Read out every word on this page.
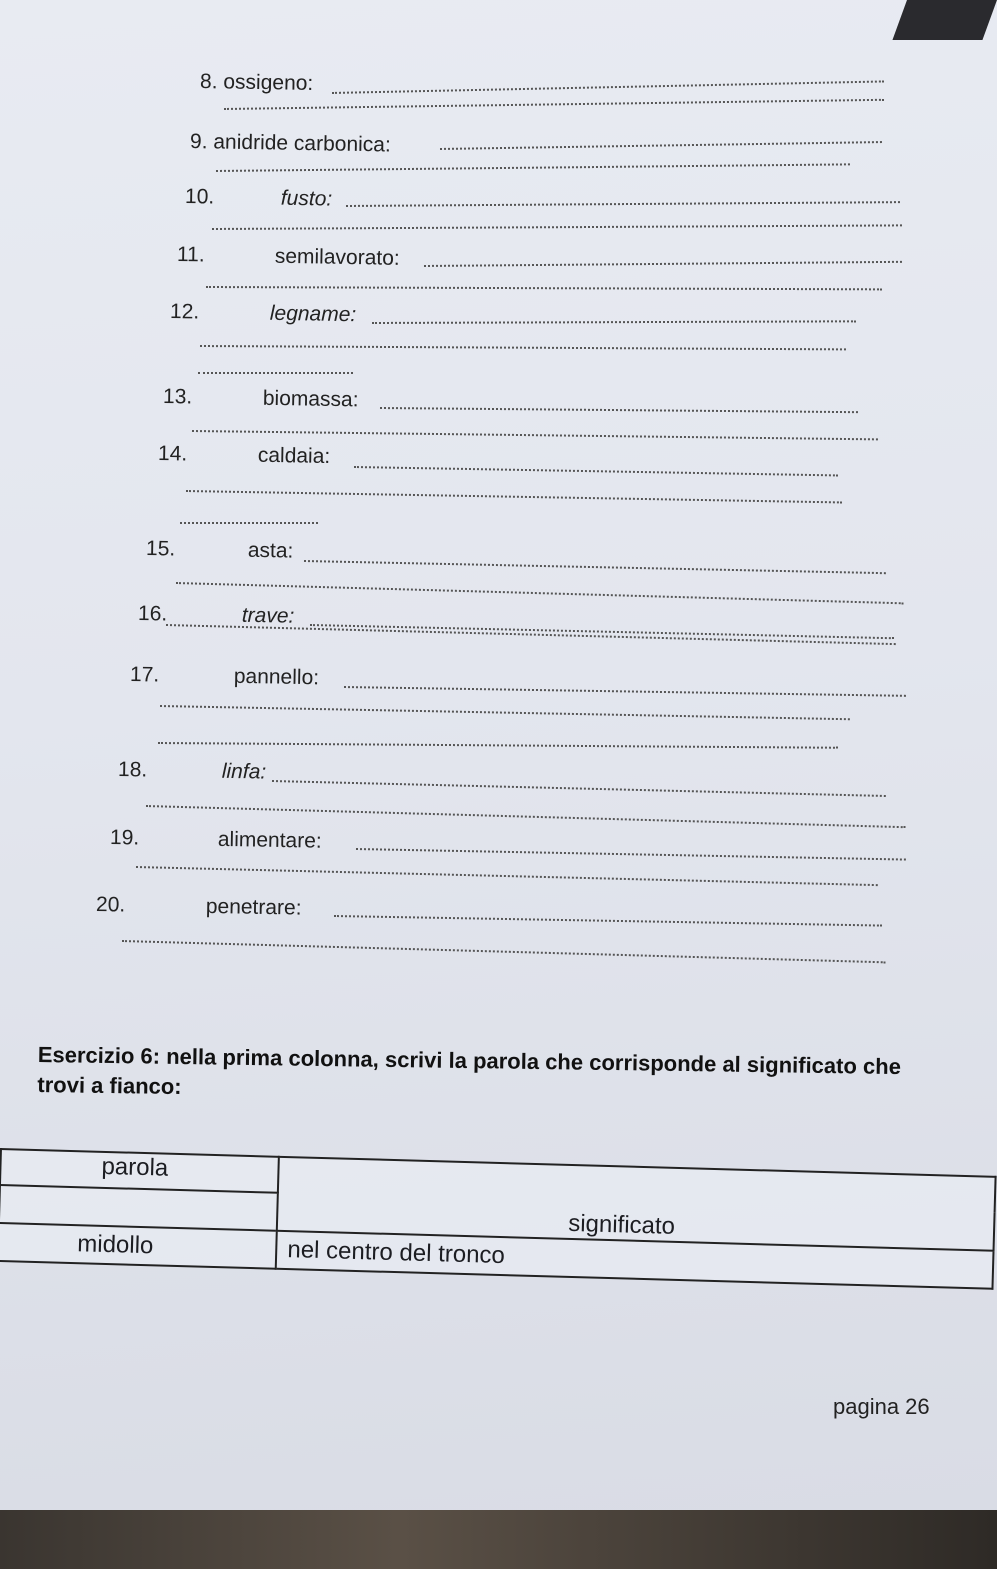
8. ossigeno:
9. anidride carbonica:
10.	fusto:
11.	semilavorato:
12.	legname:
13.	biomassa:
14.	caldaia:
15.	asta:
16.	trave:
17.	pannello:
18.	linfa:
19.	alimentare:
20.	penetrare:
Esercizio 6: nella prima colonna, scrivi la parola che corrisponde al significato che trovi a fianco:
parola	significato

midollo	nel centro del tronco
pagina 26
